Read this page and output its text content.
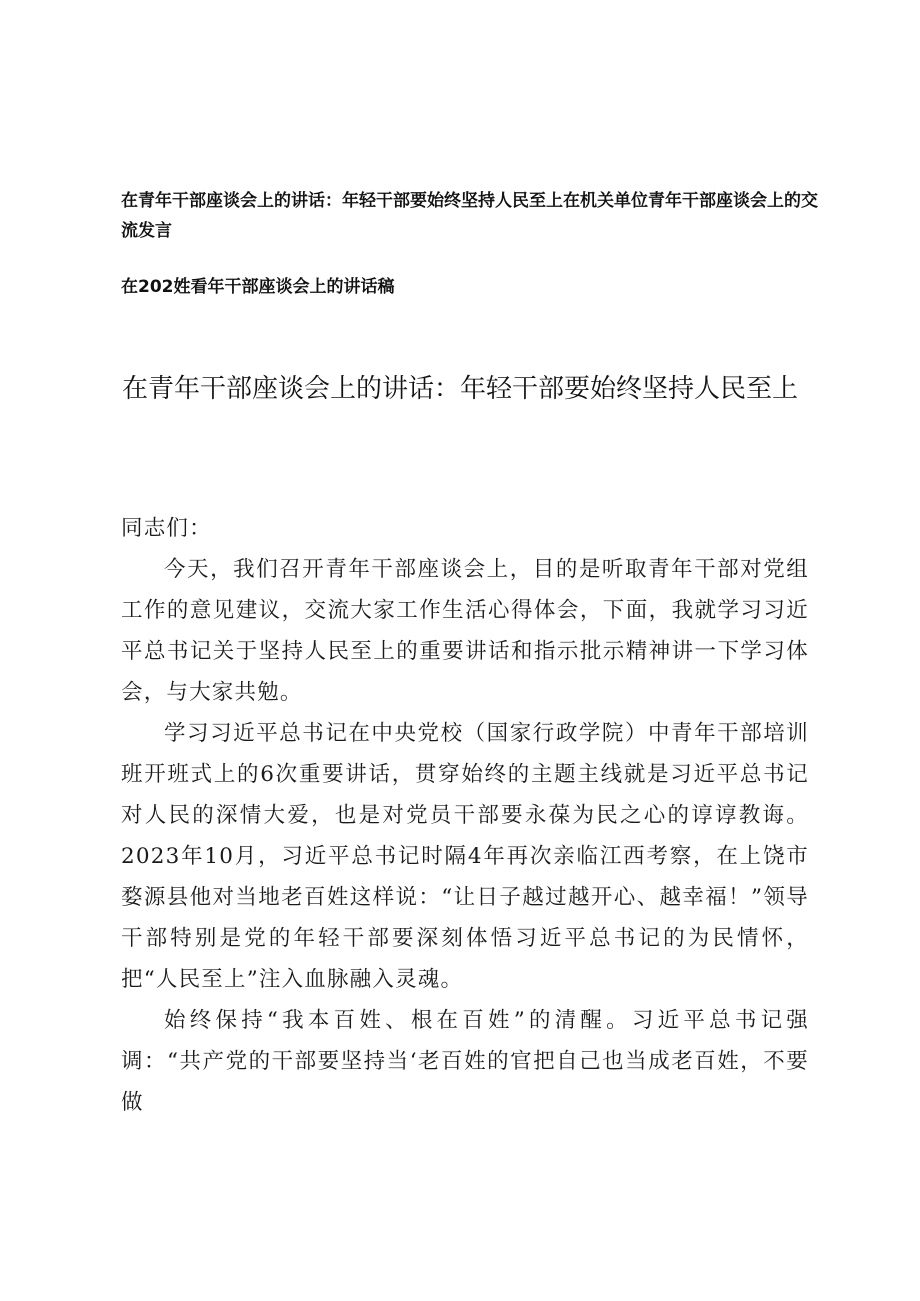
在青年干部座谈会上的讲话：年轻干部要始终坚持人民至上在机关单位青年干部座谈会上的交流发言
在202姓看年干部座谈会上的讲话稿
在青年干部座谈会上的讲话：年轻干部要始终坚持人民至上

同志们：

今天，我们召开青年干部座谈会上，目的是听取青年干部对党组工作的意见建议，交流大家工作生活心得体会，下面，我就学习习近平总书记关于坚持人民至上的重要讲话和指示批示精神讲一下学习体会，与大家共勉。

学习习近平总书记在中央党校（国家行政学院）中青年干部培训班开班式上的6次重要讲话，贯穿始终的主题主线就是习近平总书记对人民的深情大爱，也是对党员干部要永葆为民之心的谆谆教诲。2023年10月，习近平总书记时隔4年再次亲临江西考察，在上饶市婺源县他对当地老百姓这样说：“让日子越过越开心、越幸福！”领导干部特别是党的年轻干部要深刻体悟习近平总书记的为民情怀，把“人民至上”注入血脉融入灵魂。

始终保持“我本百姓、根在百姓”的清醒。习近平总书记强调：“共产党的干部要坚持当‘老百姓的官把自己也当成老百姓，不要做
